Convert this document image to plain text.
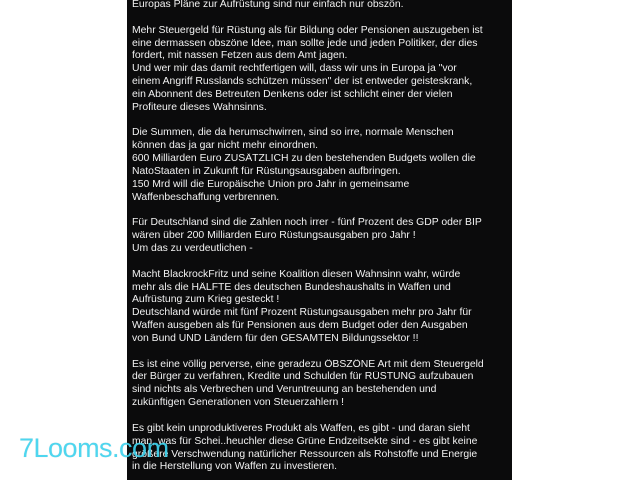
Europas Pläne zur Aufrüstung sind nur einfach nur obszön.
Mehr Steuergeld für Rüstung als für Bildung oder Pensionen auszugeben ist
eine dermassen obszöne Idee, man sollte jede und jeden Politiker, der dies
fordert, mit nassen Fetzen aus dem Amt jagen.
Und wer mir das damit rechtfertigen will, dass wir uns in Europa ja "vor
einem Angriff Russlands schützen müssen" der ist entweder geisteskrank,
ein Abonnent des Betreuten Denkens oder ist schlicht einer der vielen
Profiteure dieses Wahnsinns.
Die Summen, die da herumschwirren, sind so irre, normale Menschen
können das ja gar nicht mehr einordnen.
600 Milliarden Euro ZUSÄTZLICH zu den bestehenden Budgets wollen die
NatoStaaten in Zukunft für Rüstungsausgaben aufbringen.
150 Mrd will die Europäische Union pro Jahr in gemeinsame
Waffenbeschaffung verbrennen.
Für Deutschland sind die Zahlen noch irrer - fünf Prozent des GDP oder BIP
wären über 200 Milliarden Euro Rüstungsausgaben pro Jahr !
Um das zu verdeutlichen -
Macht BlackrockFritz und seine Koalition diesen Wahnsinn wahr, würde
mehr als die HÄLFTE des deutschen Bundeshaushalts in Waffen und
Aufrüstung zum Krieg gesteckt !
Deutschland würde mit fünf Prozent Rüstungsausgaben mehr pro Jahr für
Waffen ausgeben als für Pensionen aus dem Budget oder den Ausgaben
von Bund UND Ländern für den GESAMTEN Bildungssektor !!
Es ist eine völlig perverse, eine geradezu ÖBSZÖNE Art mit dem Steuergeld
der Bürger zu verfahren, Kredite und Schulden für RÜSTUNG aufzubauen
sind nichts als Verbrechen und Veruntreuung an bestehenden und
zukünftigen Generationen von Steuerzahlern !
Es gibt kein unproduktiveres Produkt als Waffen, es gibt - und daran sieht
man, was für Schei..heuchler diese Grüne Endzeitsekte sind - es gibt keine
größere Verschwendung natürlicher Ressourcen als Rohstoffe und Energie
in die Herstellung von Waffen zu investieren.
7Looms.com
